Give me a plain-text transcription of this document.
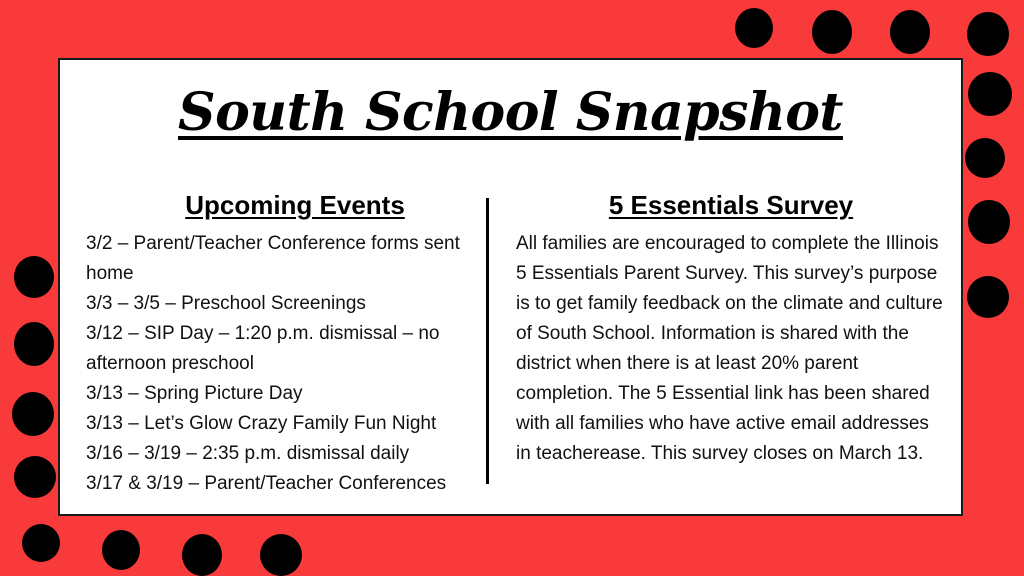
South School Snapshot
Upcoming Events
3/2 – Parent/Teacher Conference forms sent home
3/3 – 3/5 – Preschool Screenings
3/12 – SIP Day – 1:20 p.m. dismissal – no afternoon preschool
3/13 – Spring Picture Day
3/13 – Let’s Glow Crazy Family Fun Night
3/16 – 3/19 – 2:35 p.m. dismissal daily
3/17 & 3/19 – Parent/Teacher Conferences
5 Essentials Survey

All families are encouraged to complete the Illinois 5 Essentials Parent Survey. This survey’s purpose is to get family feedback on the climate and culture of South School. Information is shared with the district when there is at least 20% parent completion. The 5 Essential link has been shared with all families who have active email addresses in teacherease. This survey closes on March 13.
